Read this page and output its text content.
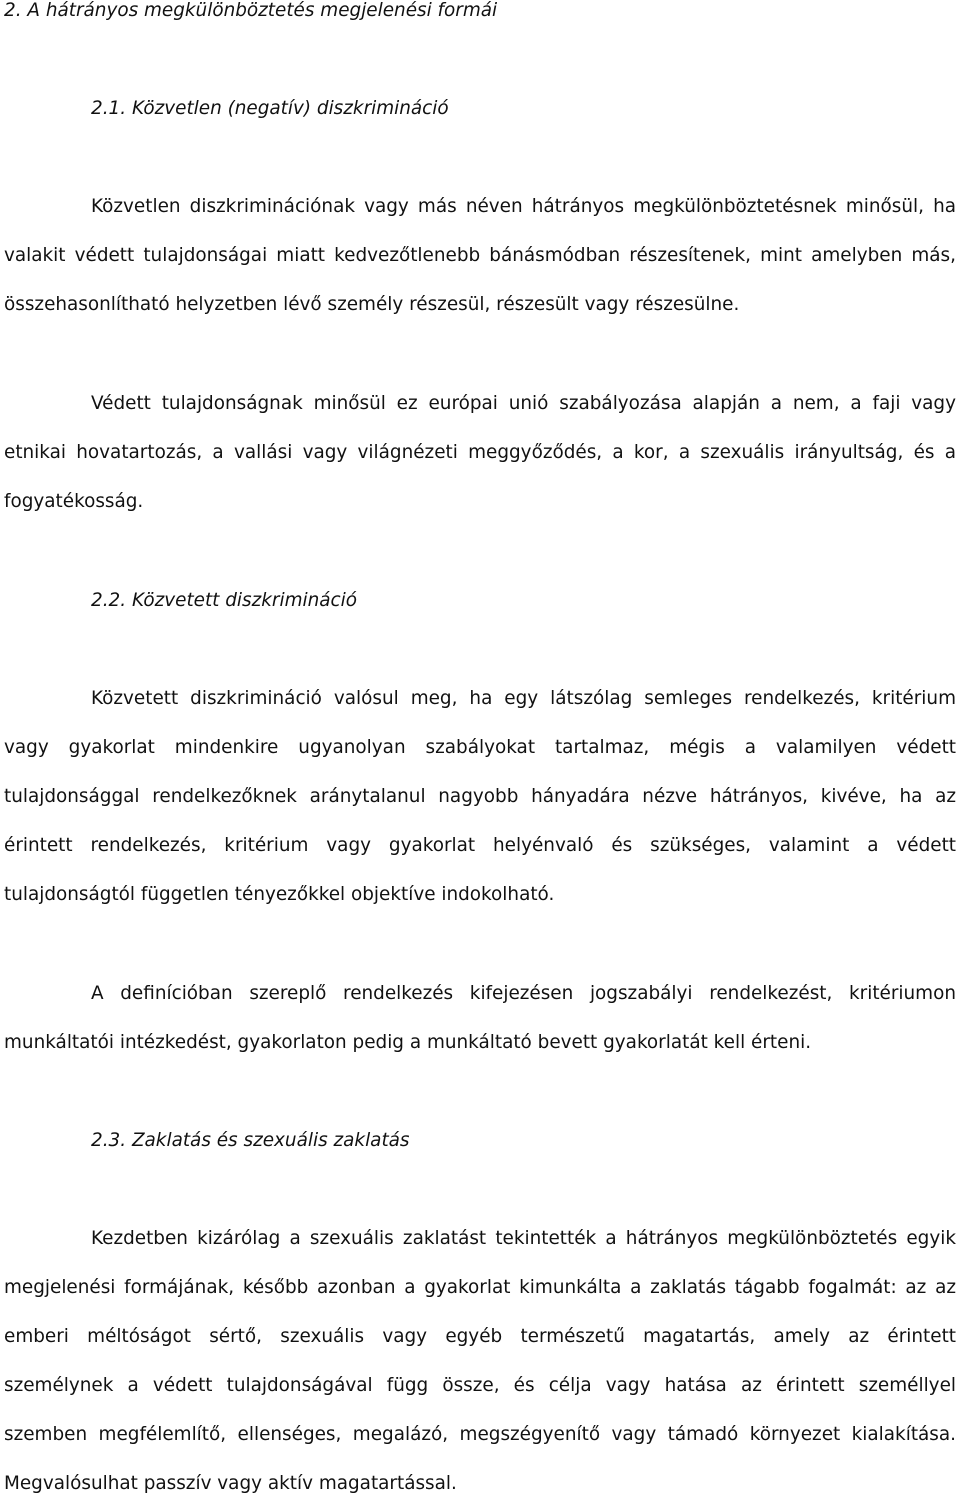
2. A hátrányos megkülönböztetés megjelenési formái
2.1. Közvetlen (negatív) diszkrimináció
Közvetlen diszkriminációnak vagy más néven hátrányos megkülönböztetésnek minősül, ha
valakit védett tulajdonságai miatt kedvezőtlenebb bánásmódban részesítenek, mint amelyben más,
összehasonlítható helyzetben lévő személy részesül, részesült vagy részesülne.
Védett tulajdonságnak minősül ez európai unió szabályozása alapján a nem, a faji vagy
etnikai hovatartozás, a vallási vagy világnézeti meggyőződés, a kor, a szexuális irányultság, és a
fogyatékosság.
2.2. Közvetett diszkrimináció
Közvetett diszkrimináció valósul meg, ha egy látszólag semleges rendelkezés, kritérium
vagy gyakorlat mindenkire ugyanolyan szabályokat tartalmaz, mégis a valamilyen védett
tulajdonsággal rendelkezőknek aránytalanul nagyobb hányadára nézve hátrányos, kivéve, ha az
érintett rendelkezés, kritérium vagy gyakorlat helyénvaló és szükséges, valamint a védett
tulajdonságtól független tényezőkkel objektíve indokolható.
A definícióban szereplő rendelkezés kifejezésen jogszabályi rendelkezést, kritériumon
munkáltatói intézkedést, gyakorlaton pedig a munkáltató bevett gyakorlatát kell érteni.
2.3. Zaklatás és szexuális zaklatás
Kezdetben kizárólag a szexuális zaklatást tekintették a hátrányos megkülönböztetés egyik
megjelenési formájának, később azonban a gyakorlat kimunkálta a zaklatás tágabb fogalmát: az az
emberi méltóságot sértő, szexuális vagy egyéb természetű magatartás, amely az érintett
személynek a védett tulajdonságával függ össze, és célja vagy hatása az érintett személlyel
szemben megfélemlítő, ellenséges, megalázó, megszégyenítő vagy támadó környezet kialakítása.
Megvalósulhat passzív vagy aktív magatartással.
